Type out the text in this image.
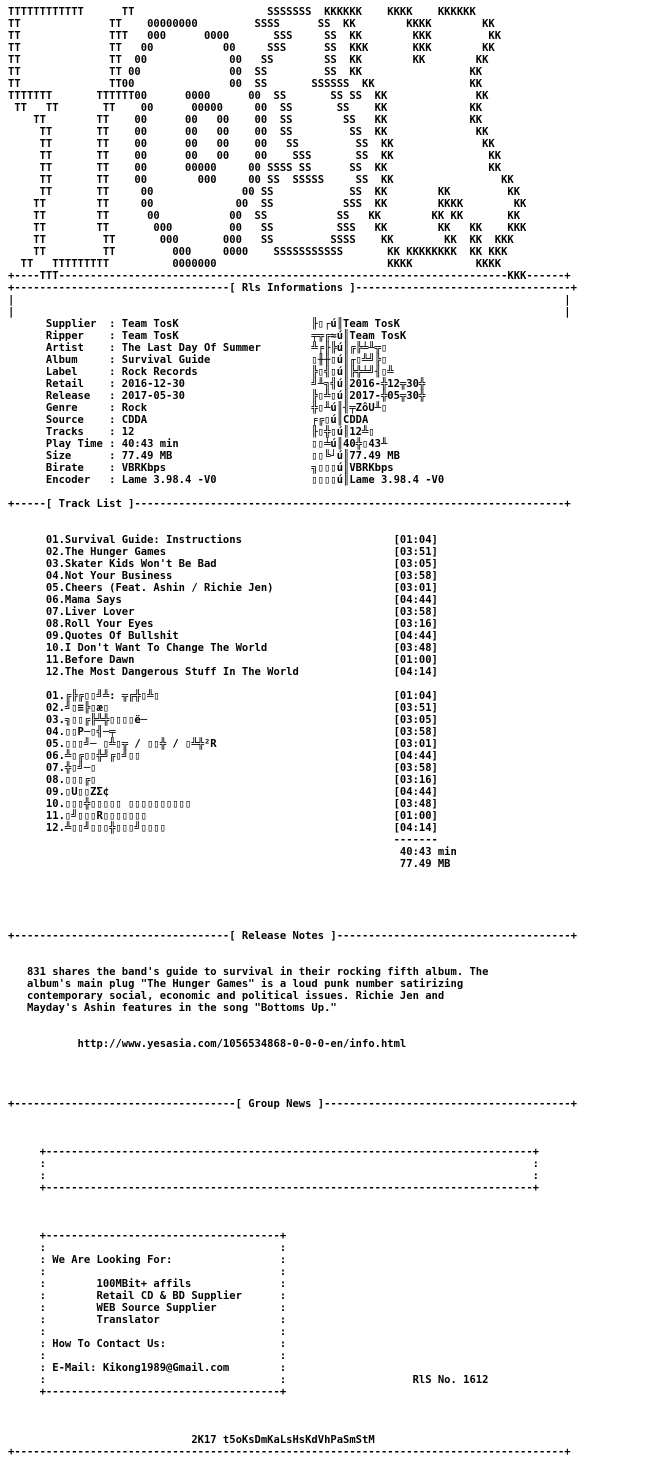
TTTTTTTTTTTT      TT                     SSSSSSS  KKKKKK    KKKK    KKKKKK
TT              TT    00000000         SSSS      SS  KK        KKKK        KK
TT              TTT   000      0000       SSS     SS  KK        KKK         KK
TT              TT   00           00     SSS      SS  KKK       KKK        KK
TT              TT  00             00   SS        SS  KK        KK        KK
TT              TT 00              00  SS         SS  KK                 KK
TT              TT00               00  SS       SSSSSS  KK               KK
TTTTTTT       TTTTTT00      0000      00  SS       SS SS  KK              KK
TT   TT       TT    00      00000     00  SS       SS    KK             KK
TT        TT    00      00   00    00  SS        SS   KK             KK
TT       TT    00      00   00    00  SS         SS  KK              KK
TT       TT    00      00   00    00   SS         SS  KK              KK
TT       TT    00      00   00    00    SSS       SS  KK               KK
TT       TT    00      00000     00 SSSS SS      SS  KK                KK
TT       TT    00        000     00 SS  SSSSS     SS  KK                 KK
TT       TT     00              00 SS            SS  KK        KK         KK
TT        TT     00             00  SS           SSS  KK        KKKK        KK
TT        TT      00           00  SS           SS   KK        KK KK       KK
TT        TT       000         00   SS          SSS   KK        KK   KK    KKK
TT         TT       000       000   SS         SSSS    KK        KK  KK  KKK
TT         TT         000     0000    SSSSSSSSSSS       KK KKKKKKKK  KK KKK
TT   TTTTTTTTT          0000000                           KKKK          KKKK
+----TTT-----------------------------------------------------------------------KKK------+
+----------------------------------[ Rls Informations ]----------------------------------+
|                                                                                       |
|                                                                                       |
Supplier  : Team TosK                     ╟▯┌ú║Team TosK
Ripper    : Team TosK                     ╤╦╔≈ú║Team TosK
Artist    : The Last Day Of Summer        ╩╒╟╠ú║╔╠╧╨╦▯
Album     : Survival Guide                ▯╫╫▯ú║╓▯╩╝╠▯
Label     : Rock Records                  ╠▯╣▯ú║╠╬╧╝╢▯╩
Retail    : 2016-12-30                    ╝╨╗╣ú║2016-╬12╦30╬
Release   : 2017-05-30                    ╠▯╩▯ú║2017-╬05╦30╬
Genre     : Rock                          ╬▯╨ú║╢╤ZôU╨▯
Source    : CDDA                          ╒╔▯ú║CDDA
Tracks    : 12                            ╟▯╬▯ú║12╩▯
Play Time : 40:43 min                     ▯▯╧ú║40╬▯43╨
Size      : 77.49 MB                      ▯▯╚┘ú║77.49 MB
Birate    : VBRKbps                       ╗▯▯▯ú║VBRKbps
Encoder   : Lame 3.98.4 -V0               ▯▯▯▯ú║Lame 3.98.4 -V0

+-----[ Track List ]--------------------------------------------------------------------+

01.Survival Guide: Instructions                        [01:04]
02.The Hunger Games                                    [03:51]
03.Skater Kids Won't Be Bad                            [03:05]
04.Not Your Business                                   [03:58]
05.Cheers (Feat. Ashin / Richie Jen)                   [03:01]
06.Mama Says                                           [04:44]
07.Liver Lover                                         [03:58]
08.Roll Your Eyes                                      [03:16]
09.Quotes Of Bullshit                                  [04:44]
10.I Don't Want To Change The World                    [03:48]
11.Before Dawn                                         [01:00]
12.The Most Dangerous Stuff In The World               [04:14]

01.╔╠╔▯▯╝╩: ╦╔╬▯╩▯                                     [01:04]
02.╝▯≡╠▯æ▯                                             [03:51]
03.╗▯▯╔╠╩╬▯▯▯▯ë─                                       [03:05]
04.▯▯P─▯╣─╤                                            [03:58]
05.▯▯▯╝─ ▯╩▯╦ / ▯▯╬ / ▯╩╬²R                            [03:01]
06.╩▯╔▯▯╬╝╔▯╝▯▯                                        [04:44]
07.╬▯╝─▯                                               [03:58]
08.▯▯▯╔▯                                               [03:16]
09.▯U▯▯ZΣ¢                                             [04:44]
10.▯▯▯╬▯▯▯▯▯ ▯▯▯▯▯▯▯▯▯▯                                [03:48]
11.▯╝▯▯▯R▯▯▯▯▯▯▯                                       [01:00]
12.╩▯▯╝▯▯▯╬▯▯▯╝▯▯▯▯                                    [04:14]
-------
40:43 min
77.49 MB

+----------------------------------[ Release Notes ]-------------------------------------+

831 shares the band's guide to survival in their rocking fifth album. The
album's main plug "The Hunger Games" is a loud punk number satirizing
contemporary social, economic and political issues. Richie Jen and
Mayday's Ashin features in the song "Bottoms Up."

http://www.yesasia.com/1056534868-0-0-0-en/info.html

+-----------------------------------[ Group News ]---------------------------------------+

+-----------------------------------------------------------------------------+
:                                                                             :
:                                                                             :
+-----------------------------------------------------------------------------+

+-------------------------------------+
:                                     :
: We Are Looking For:                 :
:                                     :
:        100MBit+ affils              :
:        Retail CD & BD Supplier      :
:        WEB Source Supplier          :
:        Translator                   :
:                                     :
: How To Contact Us:                  :
:                                     :
: E-Mail: Kikong1989@Gmail.com        :
:                                     :                    RlS No. 1612
+-------------------------------------+

2K17 t5oKsDmKaLsHsKdVhPaSmStM
+---------------------------------------------------------------------------------------+
